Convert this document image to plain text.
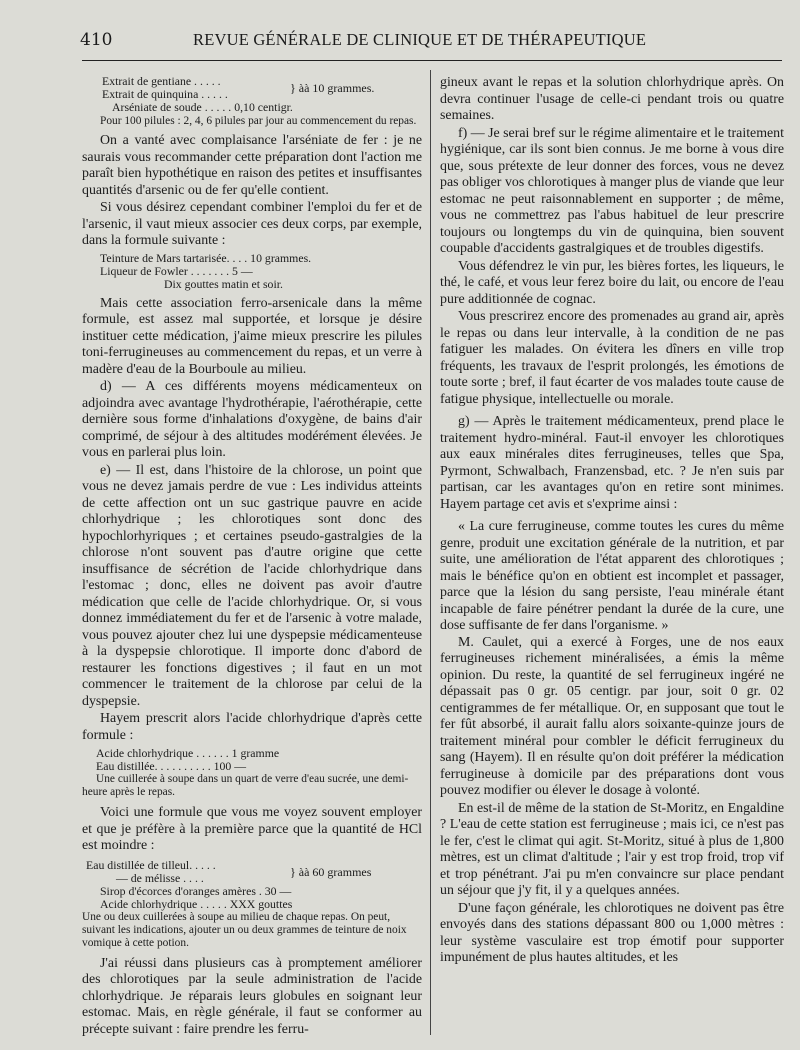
410	REVUE GÉNÉRALE DE CLINIQUE ET DE THÉRAPEUTIQUE
Extrait de gentiane . . . . .
Extrait de quinquina . . . . .	} àà 10 grammes.
Arséniate de soude . . . . . 0,10 centigr.

Pour 100 pilules : 2, 4, 6 pilules par jour au commencement du repas.

On a vanté avec complaisance l'arséniate de fer : je ne saurais vous recommander cette préparation dont l'action me paraît bien hypothétique en raison des petites et insuffisantes quantités d'arsenic ou de fer qu'elle contient.

Si vous désirez cependant combiner l'emploi du fer et de l'arsenic, il vaut mieux associer ces deux corps, par exemple, dans la formule suivante :

Teinture de Mars tartarisée. . . . 10 grammes.
Liqueur de Fowler . . . . . . . 5 —
Dix gouttes matin et soir.

Mais cette association ferro-arsenicale dans la même formule, est assez mal supportée, et lorsque je désire instituer cette médication, j'aime mieux prescrire les pilules toni-ferrugineuses au commencement du repas, et un verre à madère d'eau de la Bourboule au milieu.

d) — A ces différents moyens médicamenteux on adjoindra avec avantage l'hydrothérapie, l'aérothérapie, cette dernière sous forme d'inhalations d'oxygène, de bains d'air comprimé, de séjour à des altitudes modérément élevées. Je vous en parlerai plus loin.

e) — Il est, dans l'histoire de la chlorose, un point que vous ne devez jamais perdre de vue : Les individus atteints de cette affection ont un suc gastrique pauvre en acide chlorhydrique ; les chlorotiques sont donc des hypochlorhyriques ; et certaines pseudo-gastralgies de la chlorose n'ont souvent pas d'autre origine que cette insuffisance de sécrétion de l'acide chlorhydrique dans l'estomac ; donc, elles ne doivent pas avoir d'autre médication que celle de l'acide chlorhydrique. Or, si vous donnez immédiatement du fer et de l'arsenic à votre malade, vous pouvez ajouter chez lui une dyspepsie médicamenteuse à la dyspepsie chlorotique. Il importe donc d'abord de restaurer les fonctions digestives ; il faut en un mot commencer le traitement de la chlorose par celui de la dyspepsie.

Hayem prescrit alors l'acide chlorhydrique d'après cette formule :

Acide chlorhydrique . . . . . . 1 gramme
Eau distillée. . . . . . . . . . 100 —

Une cuillerée à soupe dans un quart de verre d'eau sucrée, une demi-heure après le repas.

Voici une formule que vous me voyez souvent employer et que je préfère à la première parce que la quantité de HCl est moindre :

Eau distillée de tilleul. . . . .
— de mélisse . . . .	} àà 60 grammes
Sirop d'écorces d'oranges amères . 30 —
Acide chlorhydrique . . . . . XXX gouttes

Une ou deux cuillerées à soupe au milieu de chaque repas. On peut, suivant les indications, ajouter un ou deux grammes de teinture de noix vomique à cette potion.

J'ai réussi dans plusieurs cas à promptement améliorer des chlorotiques par la seule administration de l'acide chlorhydrique. Je réparais leurs globules en soignant leur estomac. Mais, en règle générale, il faut se conformer au précepte suivant : faire prendre les ferru-

gineux avant le repas et la solution chlorhydrique après. On devra continuer l'usage de celle-ci pendant trois ou quatre semaines.

f) — Je serai bref sur le régime alimentaire et le traitement hygiénique, car ils sont bien connus. Je me borne à vous dire que, sous prétexte de leur donner des forces, vous ne devez pas obliger vos chlorotiques à manger plus de viande que leur estomac ne peut raisonnablement en supporter ; de même, vous ne commettrez pas l'abus habituel de leur prescrire toujours ou longtemps du vin de quinquina, bien souvent coupable d'accidents gastralgiques et de troubles digestifs.

Vous défendrez le vin pur, les bières fortes, les liqueurs, le thé, le café, et vous leur ferez boire du lait, ou encore de l'eau pure additionnée de cognac.

Vous prescrirez encore des promenades au grand air, après le repas ou dans leur intervalle, à la condition de ne pas fatiguer les malades. On évitera les dîners en ville trop fréquents, les travaux de l'esprit prolongés, les émotions de toute sorte ; bref, il faut écarter de vos malades toute cause de fatigue physique, intellectuelle ou morale.

g) — Après le traitement médicamenteux, prend place le traitement hydro-minéral. Faut-il envoyer les chlorotiques aux eaux minérales dites ferrugineuses, telles que Spa, Pyrmont, Schwalbach, Franzensbad, etc. ? Je n'en suis par partisan, car les avantages qu'on en retire sont minimes. Hayem partage cet avis et s'exprime ainsi :

« La cure ferrugineuse, comme toutes les cures du même genre, produit une excitation générale de la nutrition, et par suite, une amélioration de l'état apparent des chlorotiques ; mais le bénéfice qu'on en obtient est incomplet et passager, parce que la lésion du sang persiste, l'eau minérale étant incapable de faire pénétrer pendant la durée de la cure, une dose suffisante de fer dans l'organisme. »

M. Caulet, qui a exercé à Forges, une de nos eaux ferrugineuses richement minéralisées, a émis la même opinion. Du reste, la quantité de sel ferrugineux ingéré ne dépassait pas 0 gr. 05 centigr. par jour, soit 0 gr. 02 centigrammes de fer métallique. Or, en supposant que tout le fer fût absorbé, il aurait fallu alors soixante-quinze jours de traitement minéral pour combler le déficit ferrugineux du sang (Hayem). Il en résulte qu'on doit préférer la médication ferrugineuse à domicile par des préparations dont vous pouvez modifier ou élever le dosage à volonté.

En est-il de même de la station de St-Moritz, en Engaldine ? L'eau de cette station est ferrugineuse ; mais ici, ce n'est pas le fer, c'est le climat qui agit. St-Moritz, situé à plus de 1,800 mètres, est un climat d'altitude ; l'air y est trop froid, trop vif et trop pénétrant. J'ai pu m'en convaincre sur place pendant un séjour que j'y fit, il y a quelques années.

D'une façon générale, les chlorotiques ne doivent pas être envoyés dans des stations dépassant 800 ou 1,000 mètres : leur système vasculaire est trop émotif pour supporter impunément de plus hautes altitudes, et les
